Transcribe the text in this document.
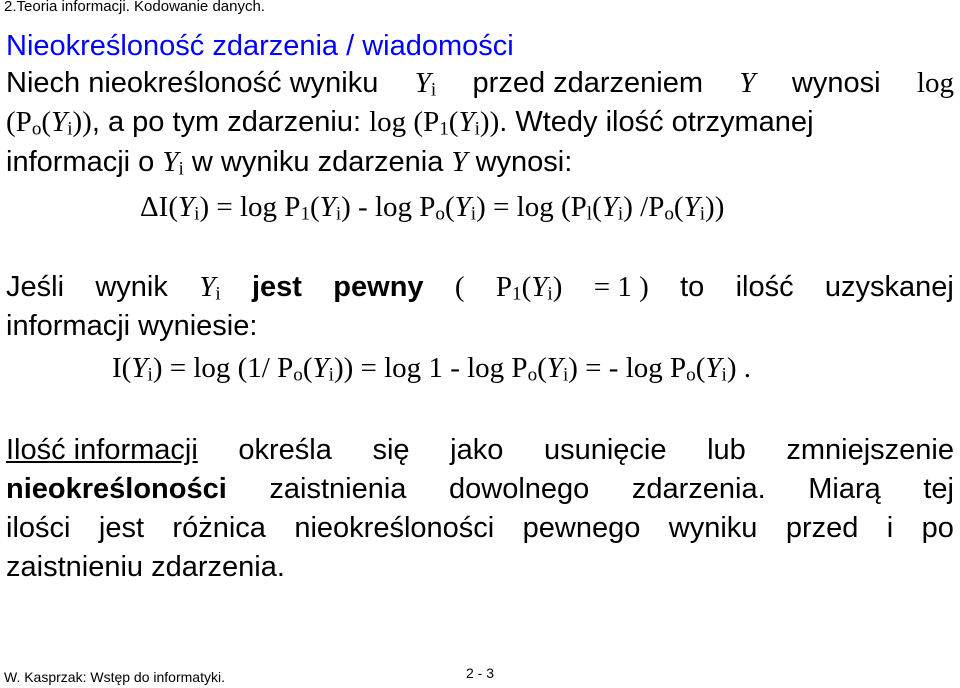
2.Teoria informacji. Kodowanie danych.
Nieokreśloność zdarzenia / wiadomości
Niech nieokreśloność wyniku Yi przed zdarzeniem Y wynosi log
(Po(Yi)), a po tym zdarzeniu: log (P1(Yi)). Wtedy ilość otrzymanej
informacji o Yi w wyniku zdarzenia Y wynosi:
ΔI(Yi) = log P1(Yi) - log Po(Yi) = log (Pl(Yi) /Po(Yi))
Jeśli wynik Yi jest pewny ( P1(Yi) = 1 ) to ilość uzyskanej
informacji wyniesie:
I(Yi) = log (1/ Po(Yi)) = log 1 - log Po(Yi) = - log Po(Yi) .
Ilość informacji określa się jako usunięcie lub zmniejszenie
nieokreśloności zaistnienia dowolnego zdarzenia. Miarą tej
ilości jest różnica nieokreśloności pewnego wyniku przed i po
zaistnieniu zdarzenia.
W. Kasprzak: Wstęp do informatyki.	2 - 3
